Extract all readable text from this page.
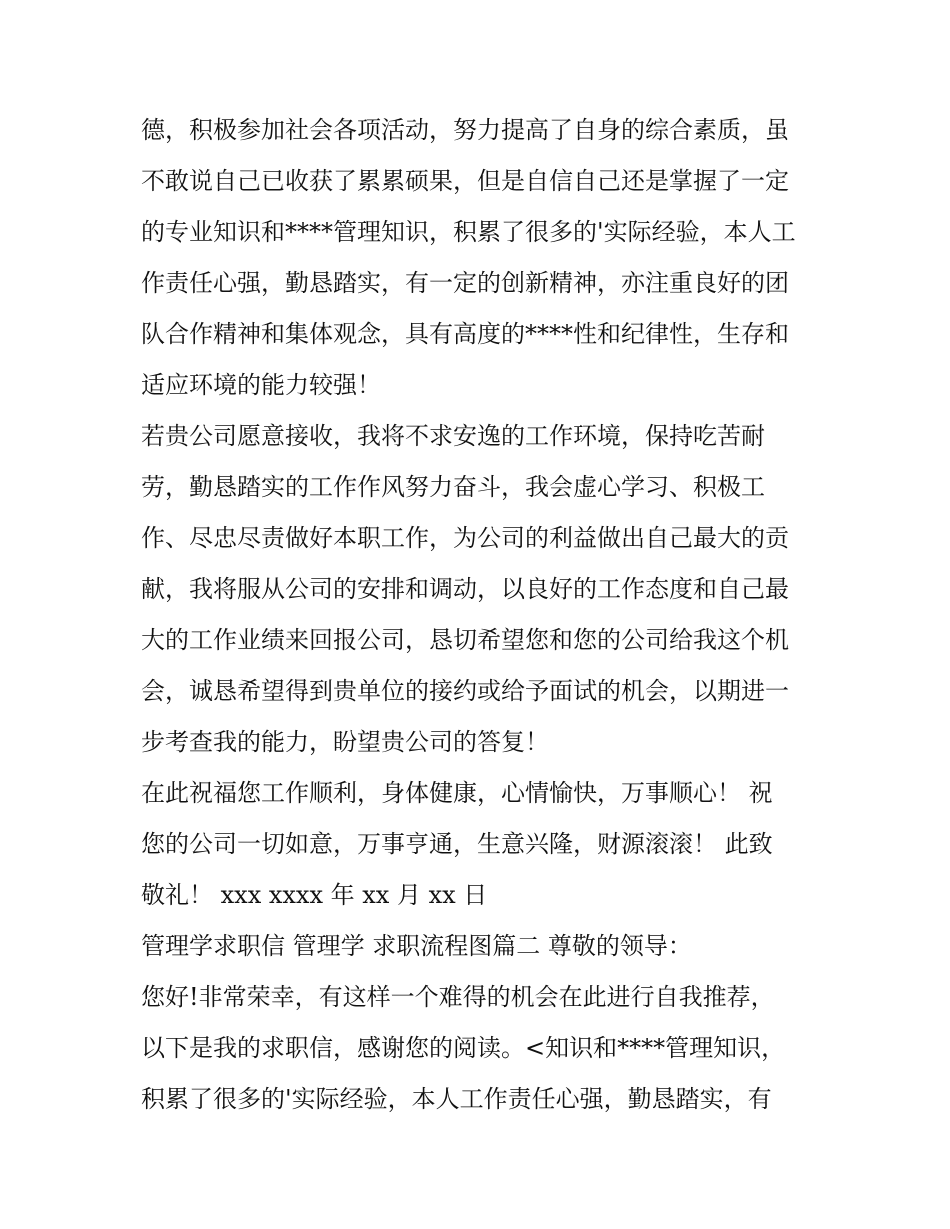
德，积极参加社会各项活动，努力提高了自身的综合素质，虽
不敢说自己已收获了累累硕果，但是自信自己还是掌握了一定
的专业知识和****管理知识，积累了很多的'实际经验，本人工
作责任心强，勤恳踏实，有一定的创新精神，亦注重良好的团
队合作精神和集体观念，具有高度的****性和纪律性，生存和
适应环境的能力较强！
若贵公司愿意接收，我将不求安逸的工作环境，保持吃苦耐
劳，勤恳踏实的工作作风努力奋斗，我会虚心学习、积极工
作、尽忠尽责做好本职工作，为公司的利益做出自己最大的贡
献，我将服从公司的安排和调动，以良好的工作态度和自己最
大的工作业绩来回报公司，恳切希望您和您的公司给我这个机
会，诚恳希望得到贵单位的接约或给予面试的机会，以期进一
步考查我的能力，盼望贵公司的答复！
在此祝福您工作顺利，身体健康，心情愉快，万事顺心！ 祝
您的公司一切如意，万事亨通，生意兴隆，财源滚滚！ 此致
敬礼！ xxx xxxx 年 xx 月 xx 日
管理学求职信 管理学 求职流程图篇二 尊敬的领导：
您好!非常荣幸，有这样一个难得的机会在此进行自我推荐，
以下是我的求职信，感谢您的阅读。<知识和****管理知识，
积累了很多的'实际经验，本人工作责任心强，勤恳踏实，有
